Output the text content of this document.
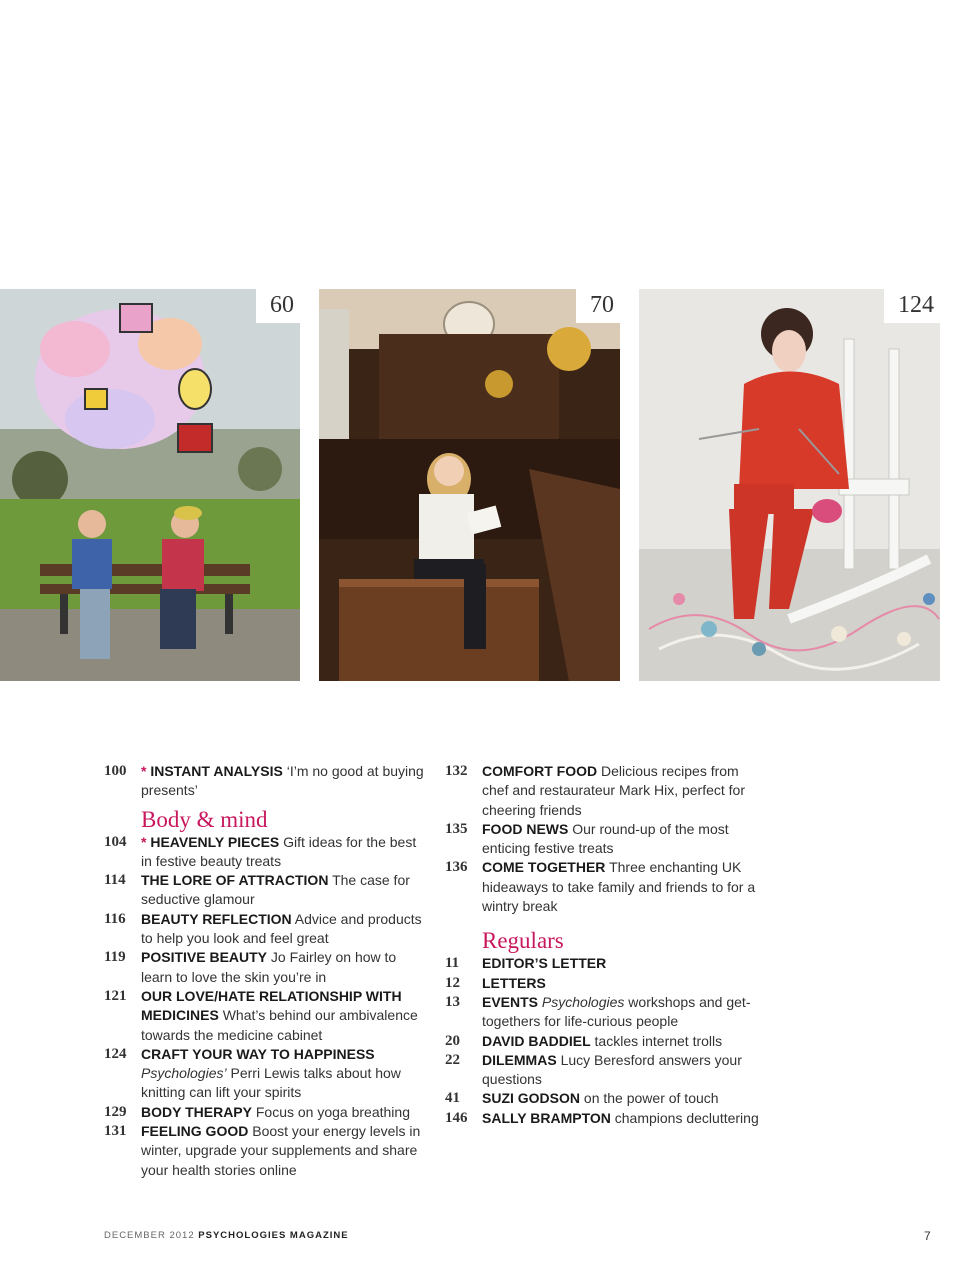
60	70	124
100 * INSTANT ANALYSIS ‘I’m no good at buying presents’
Body & mind
104 * HEAVENLY PIECES Gift ideas for the best in festive beauty treats
114 THE LORE OF ATTRACTION The case for seductive glamour
116 BEAUTY REFLECTION Advice and products to help you look and feel great
119 POSITIVE BEAUTY Jo Fairley on how to learn to love the skin you’re in
121 OUR LOVE/HATE RELATIONSHIP WITH MEDICINES What’s behind our ambivalence towards the medicine cabinet
124 CRAFT YOUR WAY TO HAPPINESS
Psychologies’ Perri Lewis talks about how knitting can lift your spirits
129 BODY THERAPY Focus on yoga breathing
131 FEELING GOOD Boost your energy levels in winter, upgrade your supplements and share your health stories online
132 COMFORT FOOD Delicious recipes from chef and restaurateur Mark Hix, perfect for cheering friends
135 FOOD NEWS Our round-up of the most enticing festive treats
136 COME TOGETHER Three enchanting UK hideaways to take family and friends to for a wintry break
Regulars
11 EDITOR’S LETTER
12 LETTERS
13 EVENTS Psychologies workshops and get-togethers for life-curious people
20 DAVID BADDIEL tackles internet trolls
22 DILEMMAS Lucy Beresford answers your questions
41 SUZI GODSON on the power of touch
146 SALLY BRAMPTON champions decluttering
DECEMBER 2012 PSYCHOLOGIES MAGAZINE	7
